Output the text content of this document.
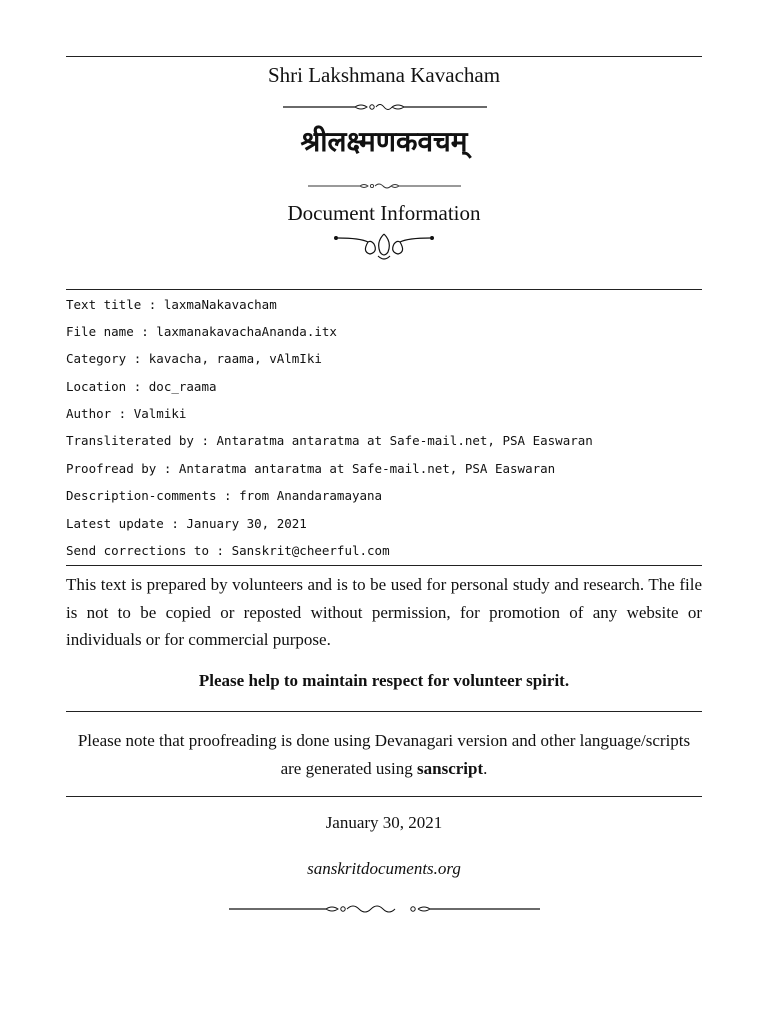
Shri Lakshmana Kavacham
श्रीलक्ष्मणकवचम्
Document Information
Text title : laxmaNakavacham
File name : laxmanakavachaAnanda.itx
Category : kavacha, raama, vAlmIki
Location : doc_raama
Author : Valmiki
Transliterated by : Antaratma antaratma at Safe-mail.net, PSA Easwaran
Proofread by : Antaratma antaratma at Safe-mail.net, PSA Easwaran
Description-comments : from Anandaramayana
Latest update : January 30, 2021
Send corrections to : Sanskrit@cheerful.com
This text is prepared by volunteers and is to be used for personal study and research. The file is not to be copied or reposted without permission, for promotion of any website or individuals or for commercial purpose.
Please help to maintain respect for volunteer spirit.
Please note that proofreading is done using Devanagari version and other language/scripts are generated using sanscript.
January 30, 2021
sanskritdocuments.org
